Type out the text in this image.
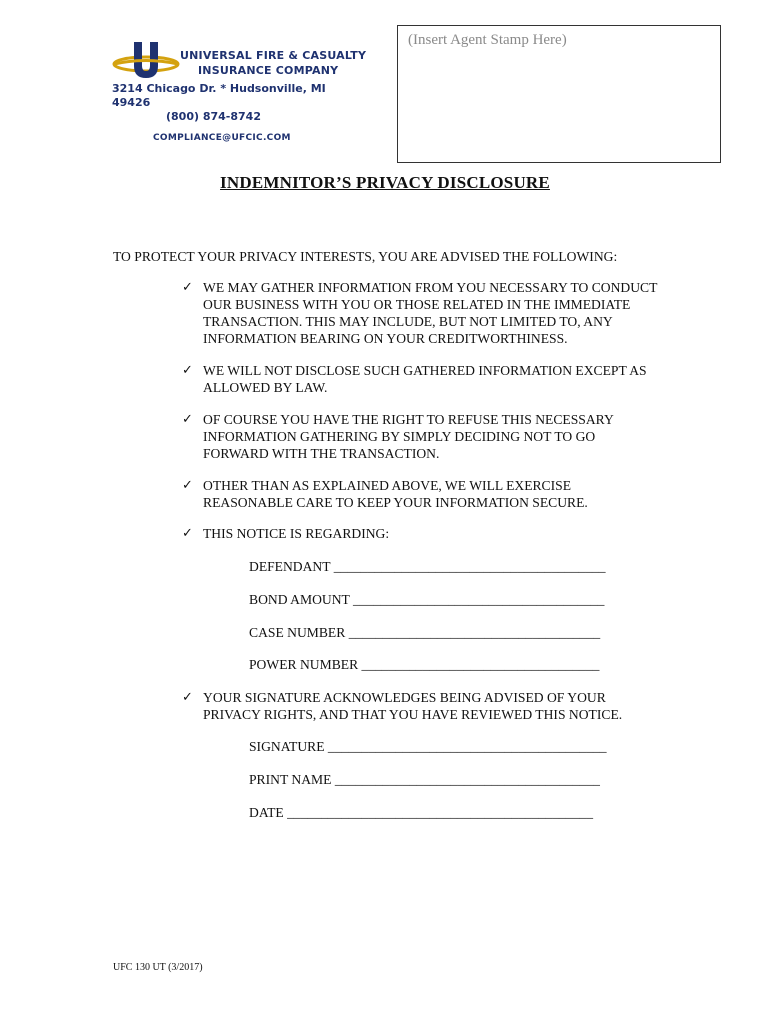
UNIVERSAL FIRE & CASUALTY
INSURANCE COMPANY

3214 Chicago Dr. * Hudsonville, MI 49426
(800) 874-8742
COMPLIANCE@UFCIC.COM
(Insert Agent Stamp Here)
INDEMNITOR’S PRIVACY DISCLOSURE

TO PROTECT YOUR PRIVACY INTERESTS, YOU ARE ADVISED THE FOLLOWING:

✓ WE MAY GATHER INFORMATION FROM YOU NECESSARY TO CONDUCT OUR BUSINESS WITH YOU OR THOSE RELATED IN THE IMMEDIATE TRANSACTION. THIS MAY INCLUDE, BUT NOT LIMITED TO, ANY INFORMATION BEARING ON YOUR CREDITWORTHINESS.
✓ WE WILL NOT DISCLOSE SUCH GATHERED INFORMATION EXCEPT AS ALLOWED BY LAW.
✓ OF COURSE YOU HAVE THE RIGHT TO REFUSE THIS NECESSARY INFORMATION GATHERING BY SIMPLY DECIDING NOT TO GO FORWARD WITH THE TRANSACTION.
✓ OTHER THAN AS EXPLAINED ABOVE, WE WILL EXERCISE REASONABLE CARE TO KEEP YOUR INFORMATION SECURE.
✓ THIS NOTICE IS REGARDING:
DEFENDANT ________________________________________
BOND AMOUNT _____________________________________
CASE NUMBER _____________________________________
POWER NUMBER ___________________________________
✓ YOUR SIGNATURE ACKNOWLEDGES BEING ADVISED OF YOUR PRIVACY RIGHTS, AND THAT YOU HAVE REVIEWED THIS NOTICE.
SIGNATURE _________________________________________
PRINT NAME _______________________________________
DATE _____________________________________________
UFC 130 UT (3/2017)
